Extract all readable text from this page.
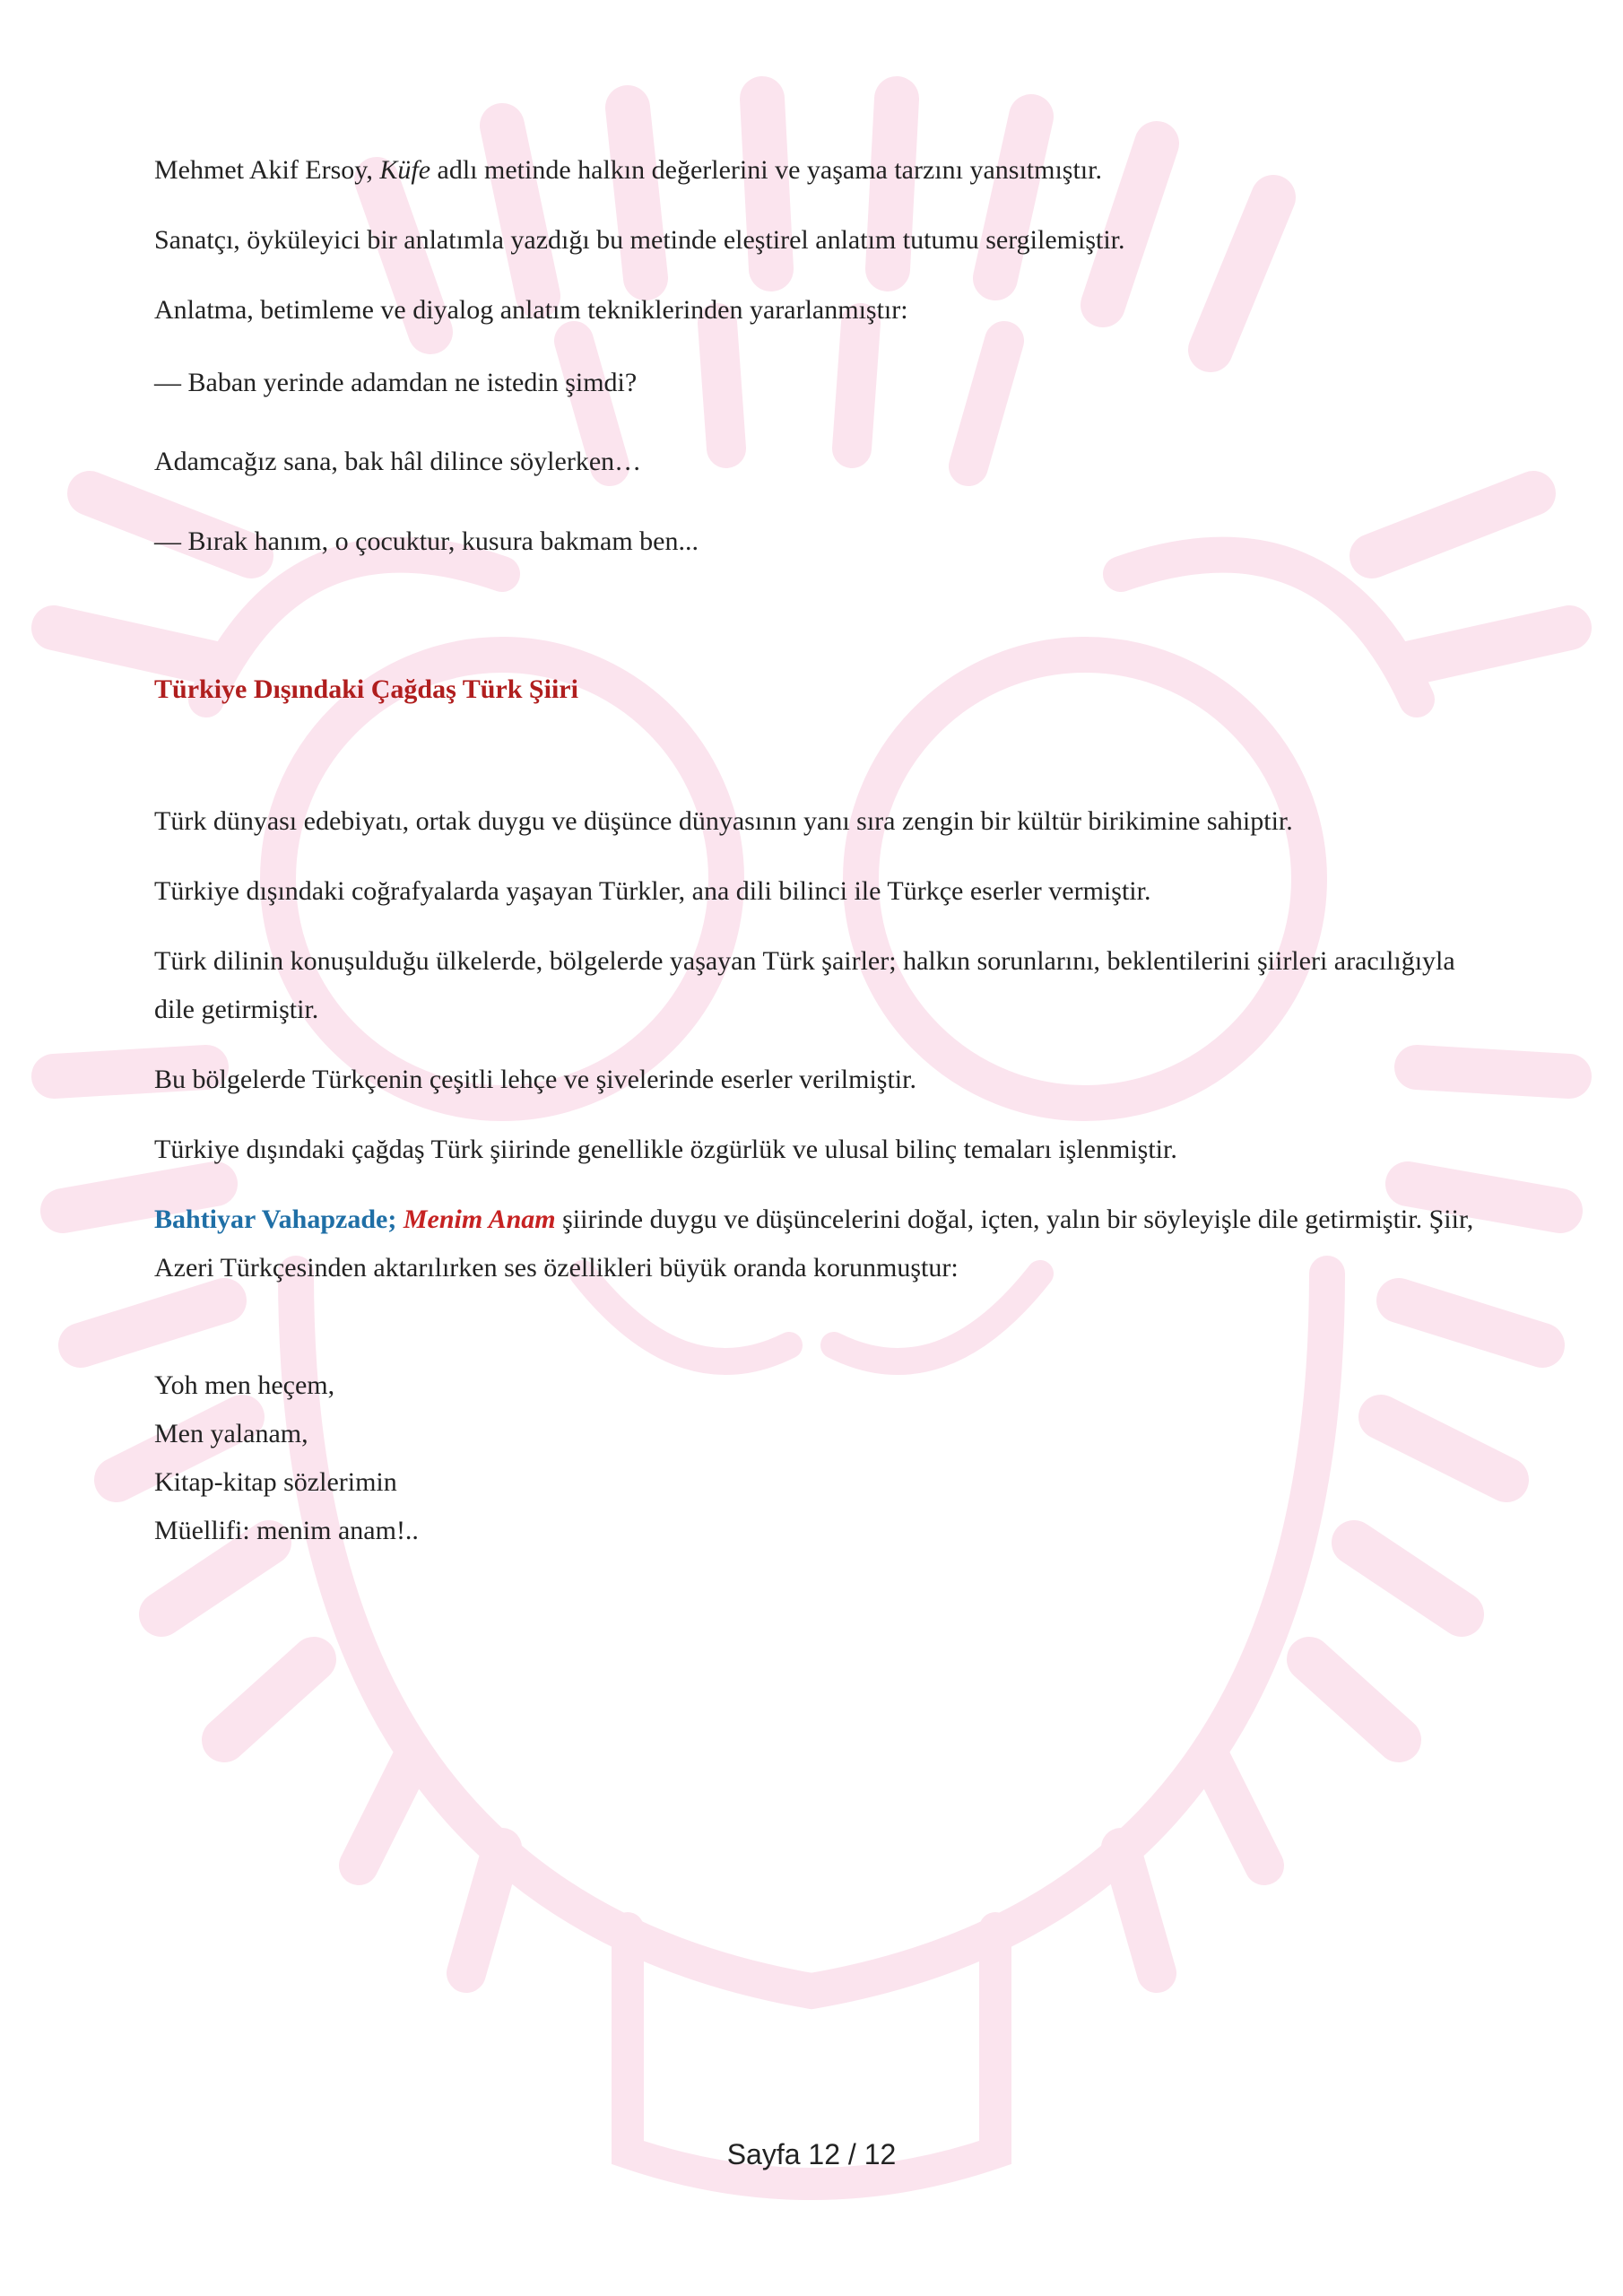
Mehmet Akif Ersoy, Küfe adlı metinde halkın değerlerini ve yaşama tarzını yansıtmıştır.

Sanatçı, öyküleyici bir anlatımla yazdığı bu metinde eleştirel anlatım tutumu sergilemiştir.

Anlatma, betimleme ve diyalog anlatım tekniklerinden yararlanmıştır:

— Baban yerinde adamdan ne istedin şimdi?

Adamcağız sana, bak hâl dilince söylerken…

— Bırak hanım, o çocuktur, kusura bakmam ben...

Türkiye Dışındaki Çağdaş Türk Şiiri

Türk dünyası edebiyatı, ortak duygu ve düşünce dünyasının yanı sıra zengin bir kültür birikimine sahiptir.

Türkiye dışındaki coğrafyalarda yaşayan Türkler, ana dili bilinci ile Türkçe eserler vermiştir.

Türk dilinin konuşulduğu ülkelerde, bölgelerde yaşayan Türk şairler; halkın sorunlarını, beklentilerini şiirleri aracılığıyla dile getirmiştir.

Bu bölgelerde Türkçenin çeşitli lehçe ve şivelerinde eserler verilmiştir.

Türkiye dışındaki çağdaş Türk şiirinde genellikle özgürlük ve ulusal bilinç temaları işlenmiştir.

Bahtiyar Vahapzade; Menim Anam şiirinde duygu ve düşüncelerini doğal, içten, yalın bir söyleyişle dile getirmiştir. Şiir, Azeri Türkçesinden aktarılırken ses özellikleri büyük oranda korunmuştur:

Yoh men heçem,
Men yalanam,
Kitap-kitap sözlerimin
Müellifi: menim anam!..
Sayfa 12 / 12
